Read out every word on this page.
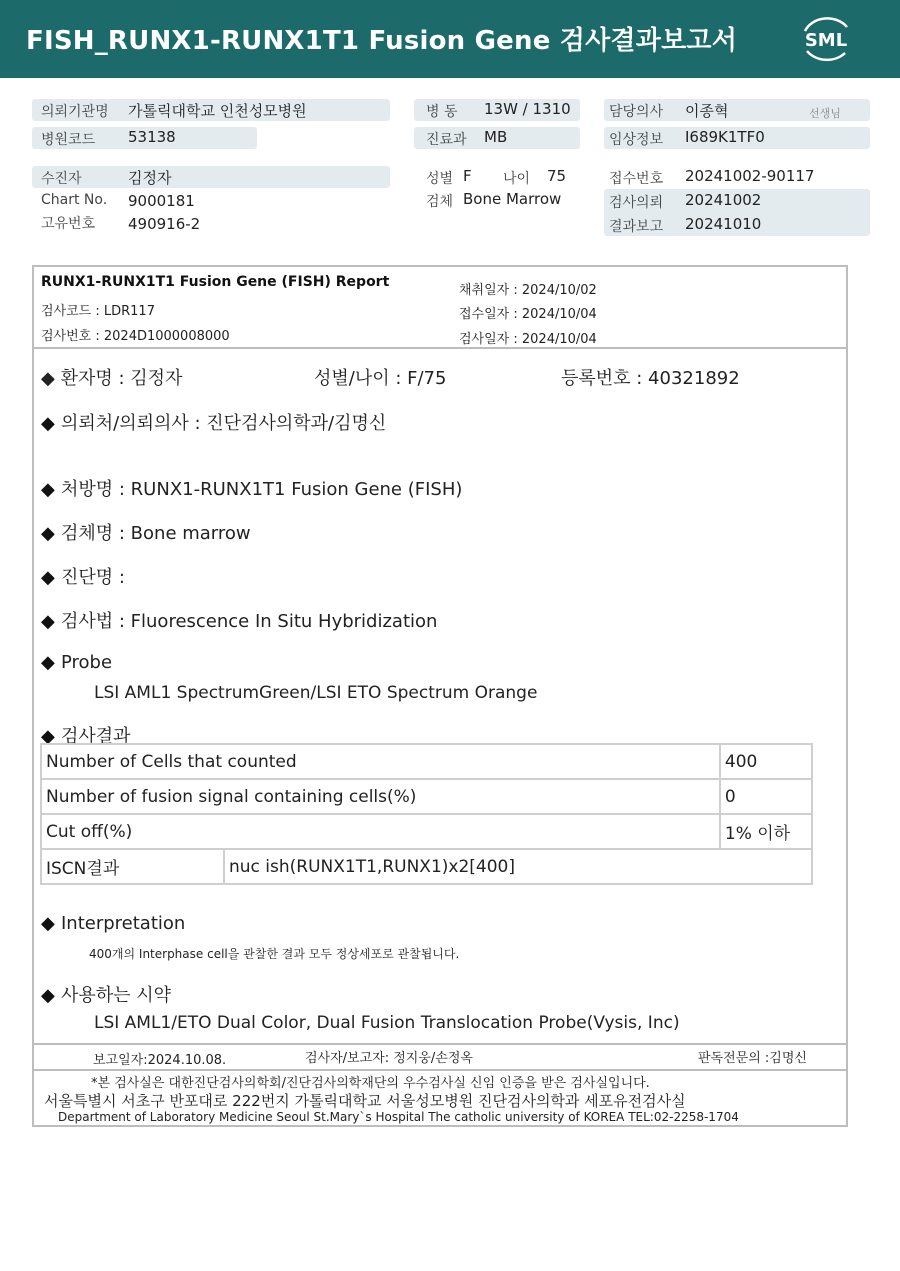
FISH_RUNX1-RUNX1T1 Fusion Gene 검사결과보고서	SML
의뢰기관명 가톨릭대학교 인천성모병원	병 동 13W / 1310	담당의사 이종혁	선생님
병원코드 53138	진료과 MB	임상정보 I689K1TF0
수진자	김정자	성별 F 나이 75	접수번호 20241002-90117
Chart No. 9000181	검체 Bone Marrow	검사의뢰 20241002
고유번호 490916-2	결과보고 20241010
RUNX1-RUNX1T1 Fusion Gene (FISH) Report
검사코드 : LDR117
검사번호 : 2024D1000008000
채취일자 : 2024/10/02
접수일자 : 2024/10/04
검사일자 : 2024/10/04
◆ 환자명 : 김정자	성별/나이 : F/75	등록번호 : 40321892
◆ 의뢰처/의뢰의사 : 진단검사의학과/김명신
◆ 처방명 : RUNX1-RUNX1T1 Fusion Gene (FISH)
◆ 검체명 : Bone marrow
◆ 진단명 :
◆ 검사법 : Fluorescence In Situ Hybridization
◆ Probe
LSI AML1 SpectrumGreen/LSI ETO Spectrum Orange
◆ 검사결과
Number of Cells that counted		400
Number of fusion signal containing cells(%)		0
Cut off(%)		1% 이하
ISCN결과	nuc ish(RUNX1T1,RUNX1)x2[400]	
◆ Interpretation
400개의 Interphase cell을 관찰한 결과 모두 정상세포로 관찰됩니다.
◆ 사용하는 시약
LSI AML1/ETO Dual Color, Dual Fusion Translocation Probe(Vysis, Inc)
보고일자:2024.10.08.	검사자/보고자: 정지웅/손정옥	판독전문의 :김명신
*본 검사실은 대한진단검사의학회/진단검사의학재단의 우수검사실 신임 인증을 받은 검사실입니다.
서울특별시 서초구 반포대로 222번지 가톨릭대학교 서울성모병원 진단검사의학과 세포유전검사실
Department of Laboratory Medicine Seoul St.Mary`s Hospital The catholic university of KOREA TEL:02-2258-1704
